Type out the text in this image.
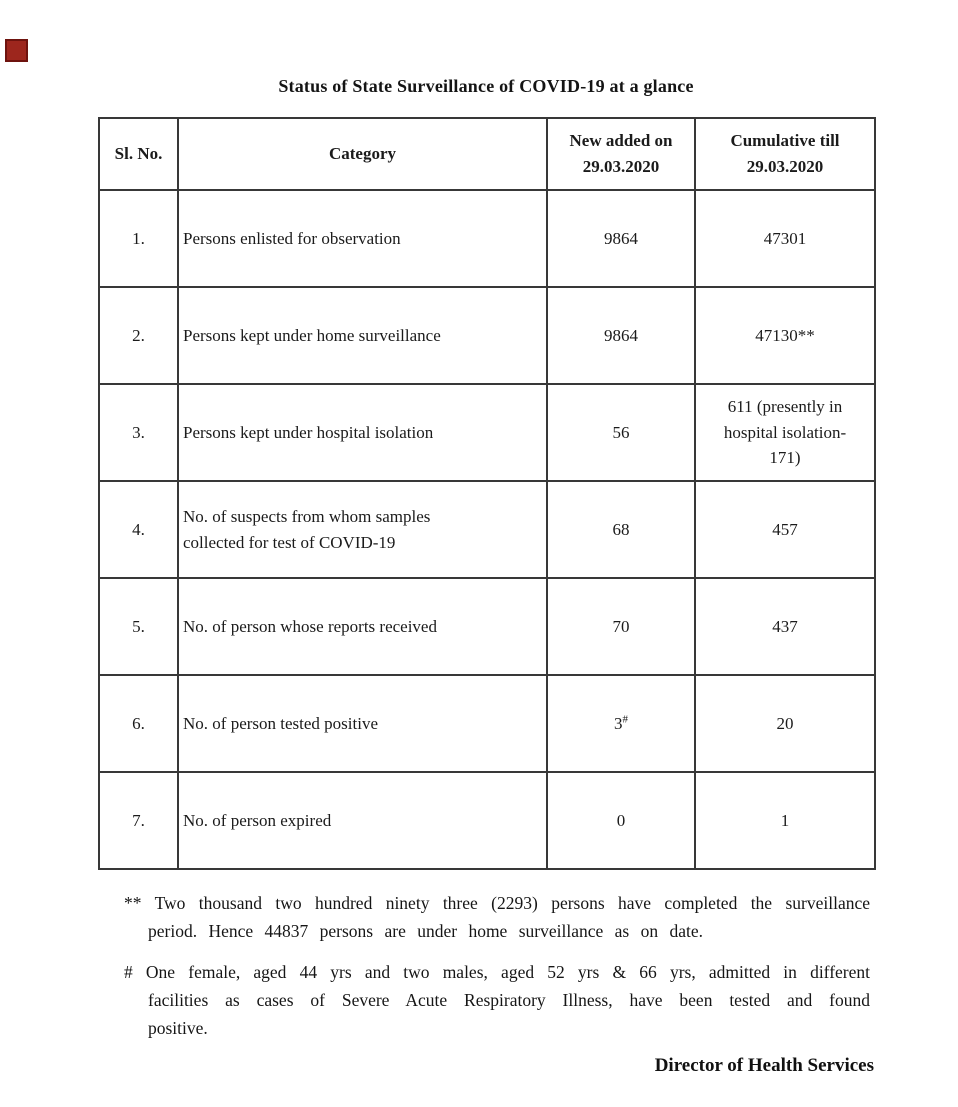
Status of State Surveillance of COVID-19 at a glance
Sl. No.	Category	New added on 29.03.2020	Cumulative till 29.03.2020
1.	Persons enlisted for observation	9864	47301

2.	Persons kept under home surveillance	9864	47130**

3.	Persons kept under hospital isolation	56	611 (presently in hospital isolation-171)

4.	No. of suspects from whom samples collected for test of COVID-19	68	457

5.	No. of person whose reports received	70	437

6.	No. of person tested positive	3#	20

7.	No. of person expired	0	1
** Two thousand two hundred ninety three (2293) persons have completed the surveillance period. Hence 44837 persons are under home surveillance as on date.
# One female, aged 44 yrs and two males, aged 52 yrs & 66 yrs, admitted in different facilities as cases of Severe Acute Respiratory Illness, have been tested and found positive.
Director of Health Services
